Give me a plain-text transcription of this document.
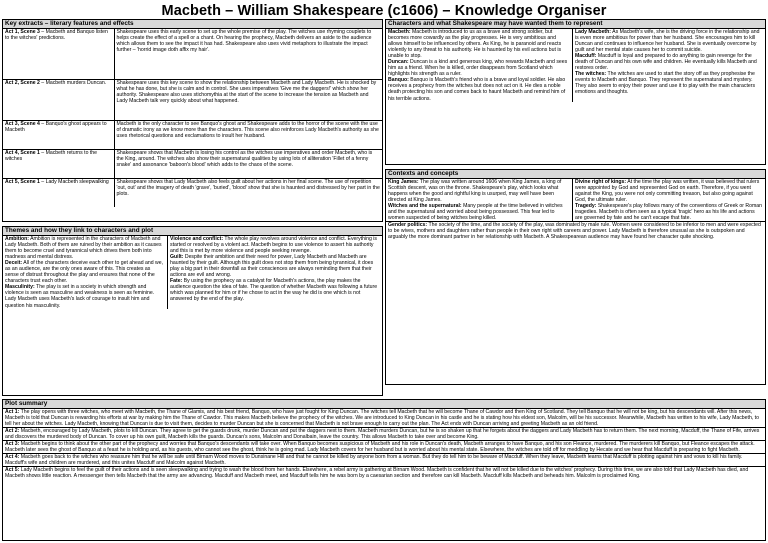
Macbeth – William Shakespeare (c1606) – Knowledge Organiser
Key extracts – literary features and effects
Act 1, Scene 3 – Macbeth and Banquo listen to the witches' predictions.	Shakespeare uses this early scene to set up the whole premise of the play. The witches use rhyming couplets to helps create the effect of a spell or a chant. On hearing the prophecy, Macbeth delivers an aside to the audience which allows them to see the impact it has had. Shakespeare also uses vivid metaphors to illustrate the impact further – 'horrid image doth affix my hair'.
Act 2, Scene 2 – Macbeth murders Duncan.	Shakespeare uses this key scene to show the relationship between Macbeth and Lady Macbeth. He is shocked by what he has done, but she is calm and in control. She uses imperatives 'Give me the daggers!' which show her authority. Shakespeare also uses stichomythia at the start of the scene to increase the tension as Macbeth and Lady Macbeth talk very quickly about what happened.
Act 3, Scene 4 – Banquo's ghost appears to Macbeth	Macbeth is the only character to see Banquo's ghost and Shakespeare adds to the horror of the scene with the use of dramatic irony as we know more than the characters. This scene also reinforces Lady Macbeth's authority as she uses rhetorical questions and exclamations to insult her husband.
Act 4, Scene 1 – Macbeth returns to the witches	Shakespeare shows that Macbeth is losing his control as the witches use imperatives and order Macbeth, who is the King, around. The witches also show their supernatural qualities by using lots of alliteration 'Fillet of a fenny snake' and assonance 'baboon's blood' which adds to the chaos of the scene.
Act 5, Scene 1 – Lady Macbeth sleepwalking	Shakespeare shows that Lady Macbeth also feels guilt about her actions in her final scene. The use of repetition 'out, out' and the imagery of death 'grave', 'buried', 'blood' show that she is haunted and distressed by her part in the plots.
Themes and how they link to characters and plot
Ambition: Ambition is represented in the characters of Macbeth and Lady Macbeth. Both of them are ruined by their ambition as it causes them to become cruel and tyrannical which drives them both into madness and mental distress.
Deceit: All of the characters deceive each other to get ahead and we, as an audience, are the only ones aware of this. This creates as sense of distrust throughout the play and ensures that none of the characters trust each other.
Masculinity: The play is set in a society in which strength and violence is seen as masculine and weakness is seen as feminine. Lady Macbeth uses Macbeth's lack of courage to insult him and question his masculinity.
Violence and conflict: The whole play revolves around violence and conflict. Everything is started or resolved by a violent act. Macbeth begins to use violence to assert his authority and this is met by more violence and people seeking revenge.
Guilt: Despite their ambition and their need for power, Lady Macbeth and Macbeth are haunted by their guilt. Although this guilt does not stop them from being tyrannical, it does play a big part in their downfall as their consciences are always reminding them that their actions are evil and wrong.
Fate: By using the prophecy as a catalyst for Macbeth's actions, the play makes the audience question the idea of fate. The question of whether Macbeth was following a future which was planned for him or if he chose to act in the way he did is one which is not answered by the end of the play.
Characters and what Shakespeare may have wanted them to represent
Macbeth: Macbeth is introduced to us as a brave and strong soldier, but becomes more cowardly as the play progresses. He is very ambitious and allows himself to be influenced by others. As King, he is paranoid and reacts violently to any threat to his authority. He is haunted by his evil actions but is unable to stop.
Duncan: Duncan is a kind and generous king, who rewards Macbeth and sees him as a friend. When he is killed, order disappears from Scotland which highlights his strength as a ruler.
Banquo: Banquo is Macbeth's friend who is a brave and loyal soldier. He also receives a prophecy from the witches but does not act on it. He dies a noble death protecting his son and comes back to haunt Macbeth and remind him of his terrible actions.
Lady Macbeth: As Macbeth's wife, she is the driving force in the relationship and is even more ambitious for power than her husband. She encourages him to kill Duncan and continues to influence her husband. She is eventually overcome by guilt and her mental state causes her to commit suicide.
Macduff: Macduff is loyal and prepared to do anything to gain revenge for the death of Duncan and his own wife and children. He eventually kills Macbeth and restores order.
The witches: The witches are used to start the story off as they prophesise the events to Macbeth and Banquo. They represent the supernatural and mystery. They also seem to enjoy their power and use it to play with the main characters emotions and thoughts.
Contexts and concepts
King James: The play was written around 1606 when King James, a king of Scottish descent, was on the throne. Shakespeare's play, which looks what happens when the good and rightful king is usurped, may well have been directed at King James.
Witches and the supernatural: Many people at the time believed in witches and the supernatural and worried about being possessed. This fear led to women suspected of being witches being killed.
Divine right of kings: At the time the play was written, it was believed that rulers were appointed by God and represented God on earth. Therefore, if you went against the King, you were not only committing treason, but also going against God, the ultimate ruler.
Tragedy: Shakespeare's play follows many of the conventions of Greek or Roman tragedies. Macbeth is often seen as a typical 'tragic' hero as his life and actions are governed by fate and he can't escape that fate.
Gender politics: The society of the time, and the society of the play, was dominated by male rule. Women were considered to be inferior to men and were expected to be wives, mothers and daughters rather than people in their own right with careers and power. Lady Macbeth is therefore unusual as she is outspoken and arguably the more dominant partner in her relationship with Macbeth. A Shakespearean audience may have found her character quite shocking.
Plot summary
Act 1: The play opens with three witches, who meet with Macbeth, the Thane of Glamis, and his best friend, Banquo, who have just fought for King Duncan. The witches tell Macbeth that he will become Thane of Cawdor and then King of Scotland. They tell Banquo that he will not be king, but his descendants will. After this news, Macbeth is told that Duncan is rewarding his efforts at war by making him the Thane of Cawdor. This makes Macbeth believe the prophecy of the witches. We are introduced to King Duncan in his castle and he is stating how his eldest son, Malcolm, will be his successor. Meanwhile, Macbeth has written to his wife, Lady Macbeth, to tell her about the witches. Lady Macbeth, knowing that Duncan is due to visit them, decides to murder Duncan but she is concerned that Macbeth is not brave enough to carry out the plan. The Act ends with Duncan arriving and greeting Macbeth as an old friend.
Act 2: Macbeth, encouraged by Lady Macbeth, plots to kill Duncan. They agree to get the guards drunk, murder Duncan and put the daggers next to them. Macbeth murders Duncan, but he is so shaken up that he forgets about the daggers and Lady Macbeth has to return them. The next morning, Macduff, the Thane of Fife, arrives and discovers the murdered body of Duncan. To cover up his own guilt, Macbeth kills the guards. Duncan's sons, Malcolm and Donalbain, leave the country. This allows Macbeth to take over and become King.
Act 3: Macbeth begins to think about the other part of the prophecy and worries that Banquo's descendants will take over. When Banquo becomes suspicious of Macbeth and his role in Duncan's death, Macbeth arranges to have Banquo, and his son Fleance, murdered. The murderers kill Banquo, but Fleance escapes the attack. Macbeth later sees the ghost of Banquo at a feast he is holding and, as his guests, who cannot see the ghost, think he is going mad. Lady Macbeth covers for her husband but is worried about his mental state. Elsewhere, the witches are told off for meddling by Hecate and we hear that Macduff is preparing to fight Macbeth.
Act 4: Macbeth goes back to the witches who reassure him that he will be safe until Birnam Wood moves to Dunsinane Hill and that he cannot be killed by anyone born from a woman. But they do tell him to be beware of Macduff. When they leave, Macbeth learns that Macduff is plotting against him and vows to kill his family. Macduff's wife and children are murdered, and this unites Macduff and Malcolm against Macbeth.
Act 5: Lady Macbeth begins to feel the guilt of their actions and is seen sleepwalking and trying to wash the blood from her hands. Elsewhere, a rebel army is gathering at Birnam Wood. Macbeth is confident that he will not be killed due to the witches' prophecy. During this time, we are also told that Lady Macbeth has died, and Macbeth shows little reaction. A messenger then tells Macbeth that the army are advancing. Macduff and Macbeth meet, and Macduff tells him he was born by a caesarian section and therefore can kill Macbeth. Macduff kills Macbeth and beheads him. Malcolm is proclaimed King.
